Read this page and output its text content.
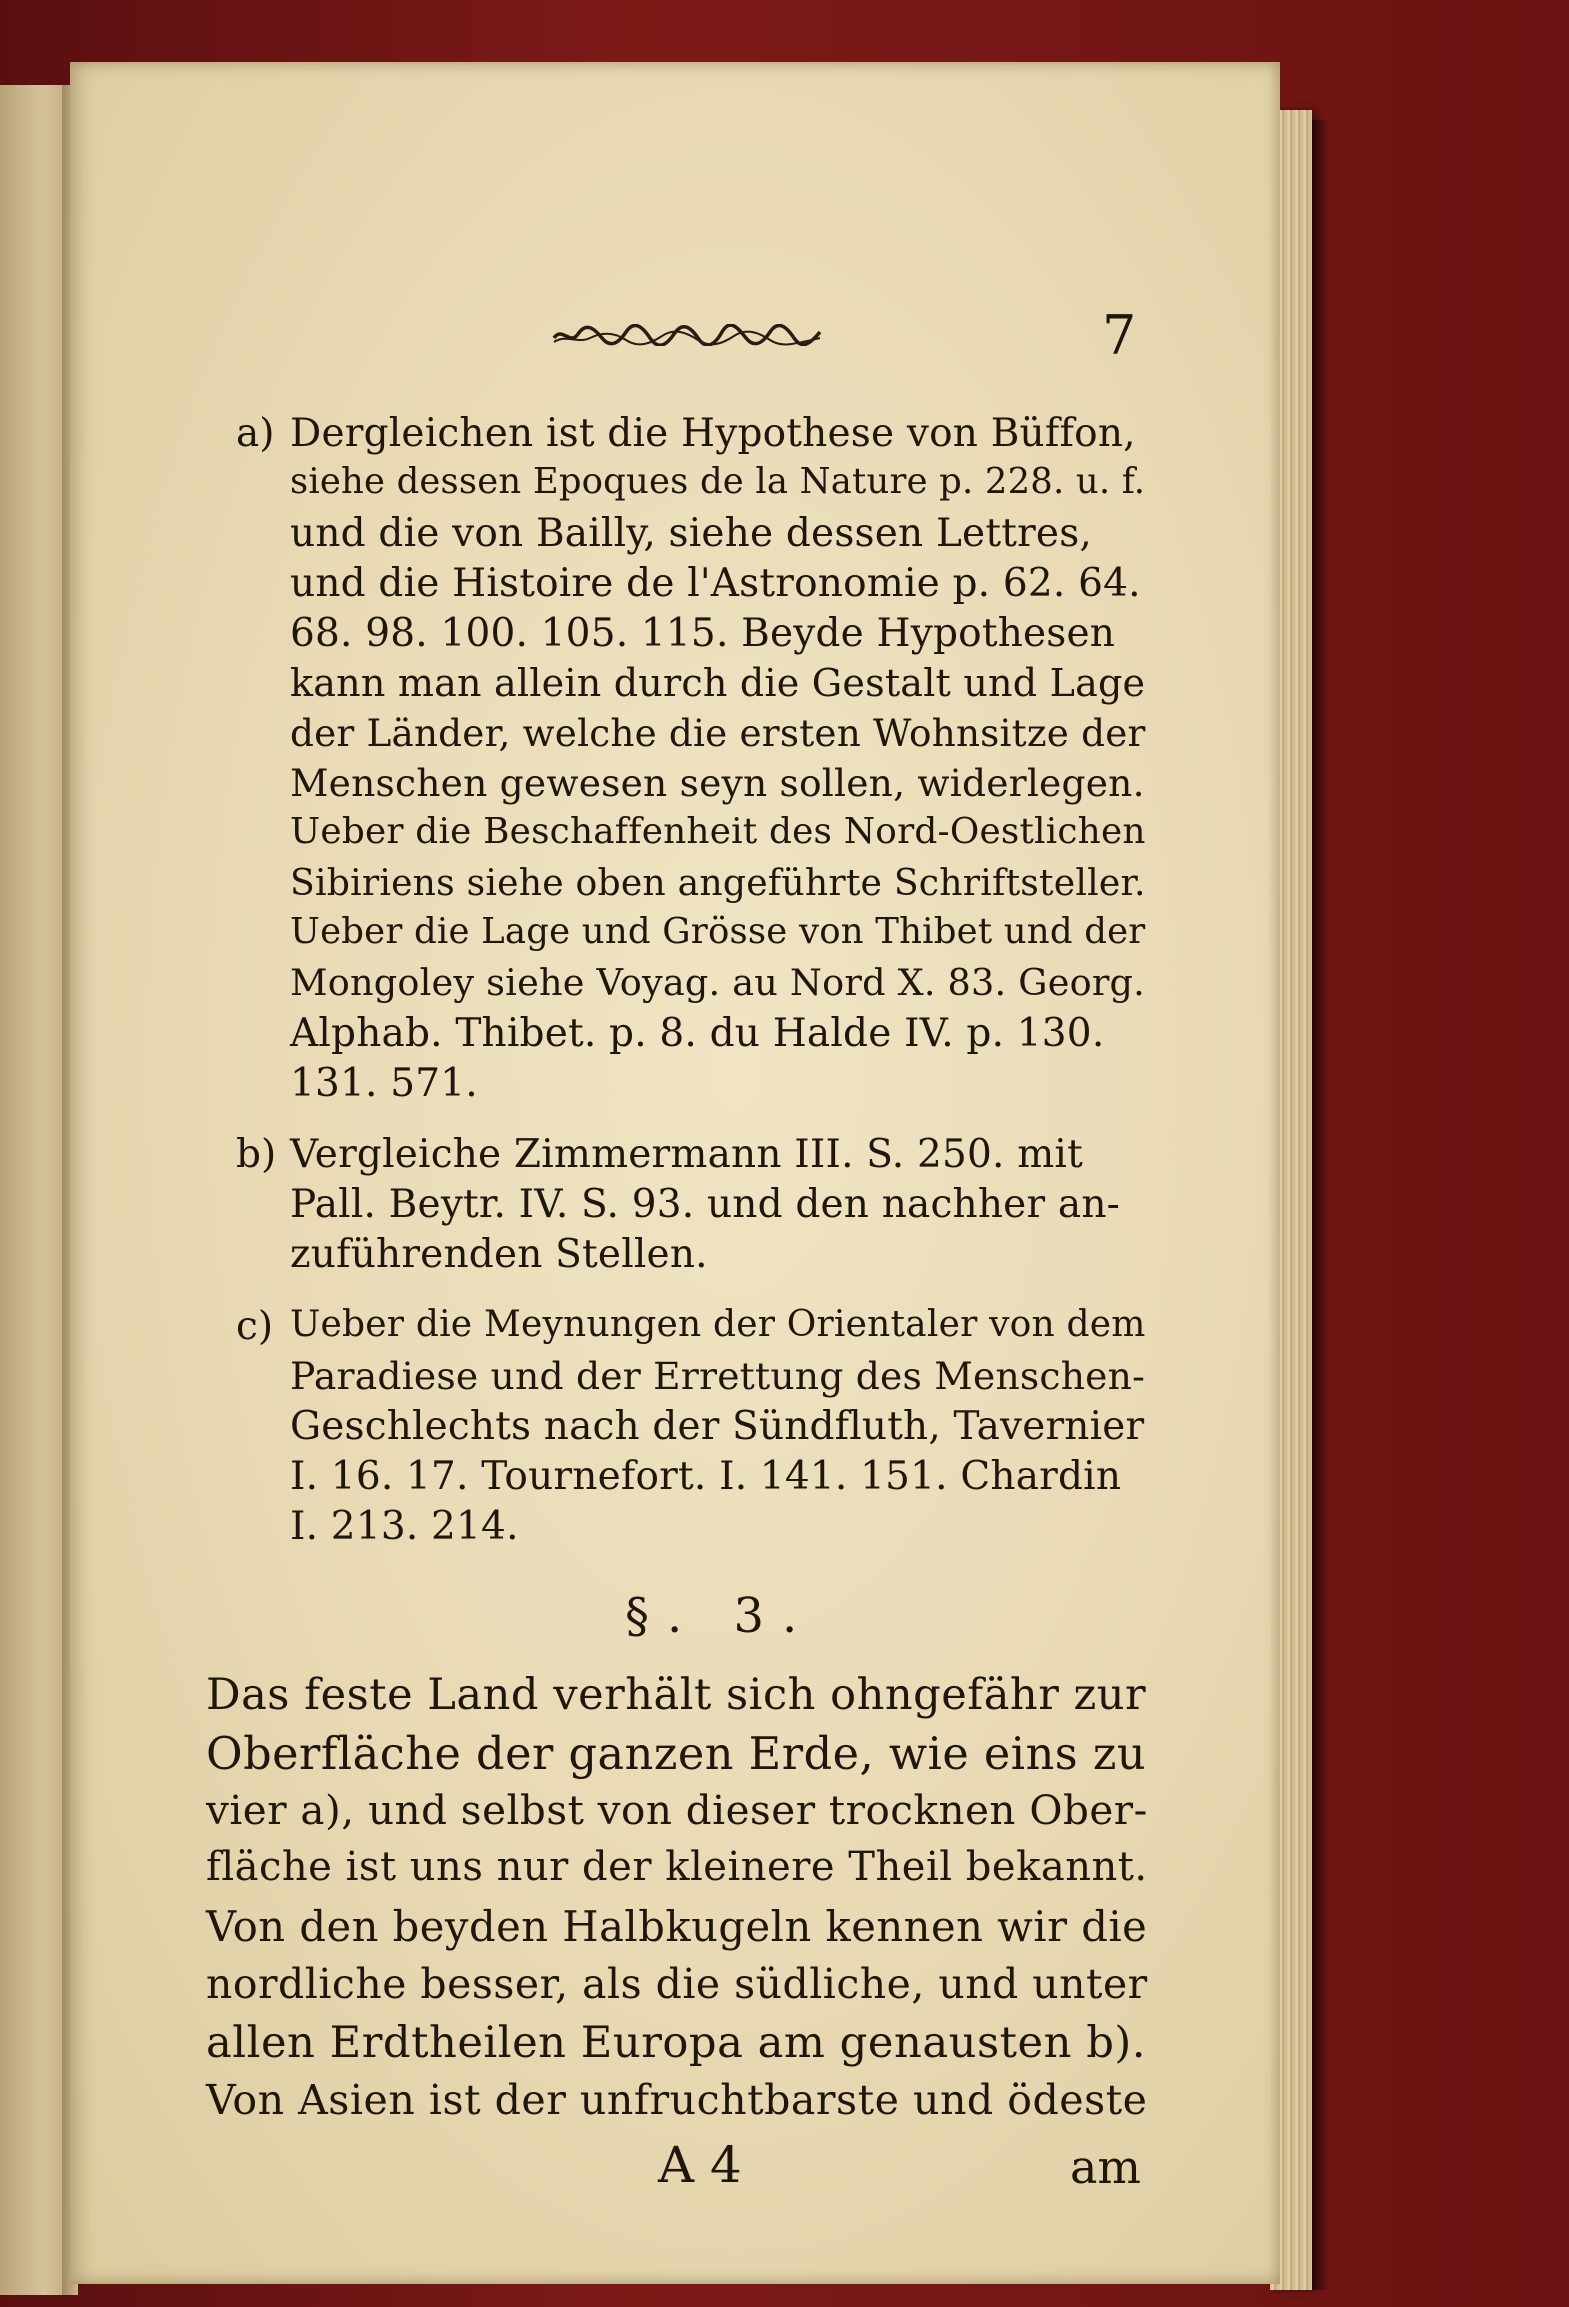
7
a) Dergleichen ist die Hypothese von Büffon,
siehe dessen Epoques de la Nature p. 228. u. f.
und die von Bailly, siehe dessen Lettres,
und die Histoire de l'Astronomie p. 62. 64.
68. 98. 100. 105. 115. Beyde Hypothesen
kann man allein durch die Gestalt und Lage
der Länder, welche die ersten Wohnsitze der
Menschen gewesen seyn sollen, widerlegen.
Ueber die Beschaffenheit des Nord-Oestlichen
Sibiriens siehe oben angeführte Schriftsteller.
Ueber die Lage und Grösse von Thibet und der
Mongoley siehe Voyag. au Nord X. 83. Georg.
Alphab. Thibet. p. 8. du Halde IV. p. 130.
131. 571.
b) Vergleiche Zimmermann III. S. 250. mit
Pall. Beytr. IV. S. 93. und den nachher an-
zuführenden Stellen.
c) Ueber die Meynungen der Orientaler von dem
Paradiese und der Errettung des Menschen-
Geschlechts nach der Sündfluth, Tavernier
I. 16. 17. Tournefort. I. 141. 151. Chardin
I. 213. 214.
§. 3.
Das feste Land verhält sich ohngefähr zur
Oberfläche der ganzen Erde, wie eins zu
vier a), und selbst von dieser trocknen Ober-
fläche ist uns nur der kleinere Theil bekannt.
Von den beyden Halbkugeln kennen wir die
nordliche besser, als die südliche, und unter
allen Erdtheilen Europa am genausten b).
Von Asien ist der unfruchtbarste und ödeste
A 4	am
